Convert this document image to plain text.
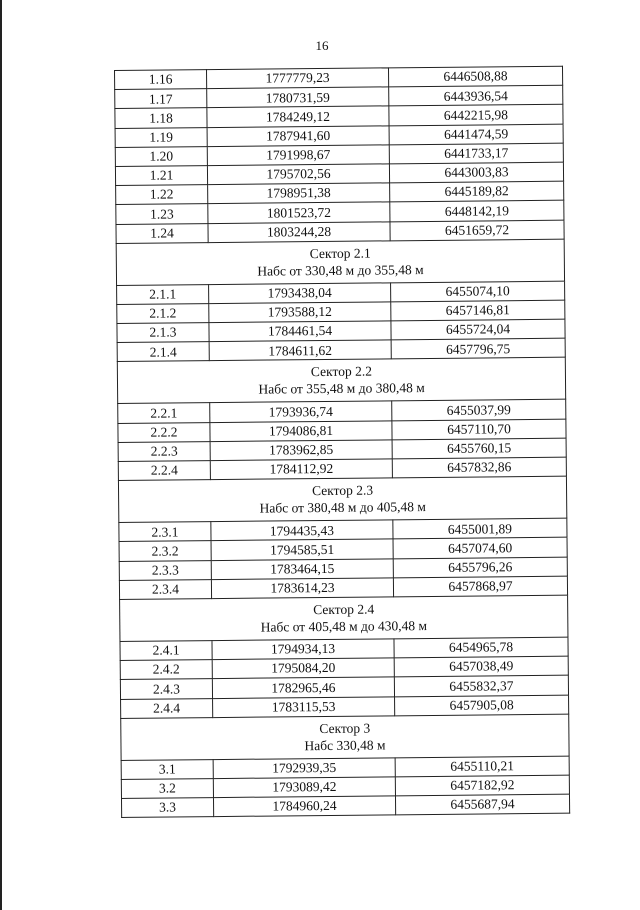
16
1.16	1777779,23	6446508,88
1.17	1780731,59	6443936,54
1.18	1784249,12	6442215,98
1.19	1787941,60	6441474,59
1.20	1791998,67	6441733,17
1.21	1795702,56	6443003,83
1.22	1798951,38	6445189,82
1.23	1801523,72	6448142,19
1.24	1803244,28	6451659,72

Сектор 2.1
Набс от 330,48 м до 355,48 м		

2.1.1	1793438,04	6455074,10
2.1.2	1793588,12	6457146,81
2.1.3	1784461,54	6455724,04
2.1.4	1784611,62	6457796,75

Сектор 2.2
Набс от 355,48 м до 380,48 м		

2.2.1	1793936,74	6455037,99
2.2.2	1794086,81	6457110,70
2.2.3	1783962,85	6455760,15
2.2.4	1784112,92	6457832,86

Сектор 2.3
Набс от 380,48 м до 405,48 м		

2.3.1	1794435,43	6455001,89
2.3.2	1794585,51	6457074,60
2.3.3	1783464,15	6455796,26
2.3.4	1783614,23	6457868,97

Сектор 2.4
Набс от 405,48 м до 430,48 м		

2.4.1	1794934,13	6454965,78
2.4.2	1795084,20	6457038,49
2.4.3	1782965,46	6455832,37
2.4.4	1783115,53	6457905,08

Сектор 3
Набс 330,48 м		

3.1	1792939,35	6455110,21
3.2	1793089,42	6457182,92
3.3	1784960,24	6455687,94
